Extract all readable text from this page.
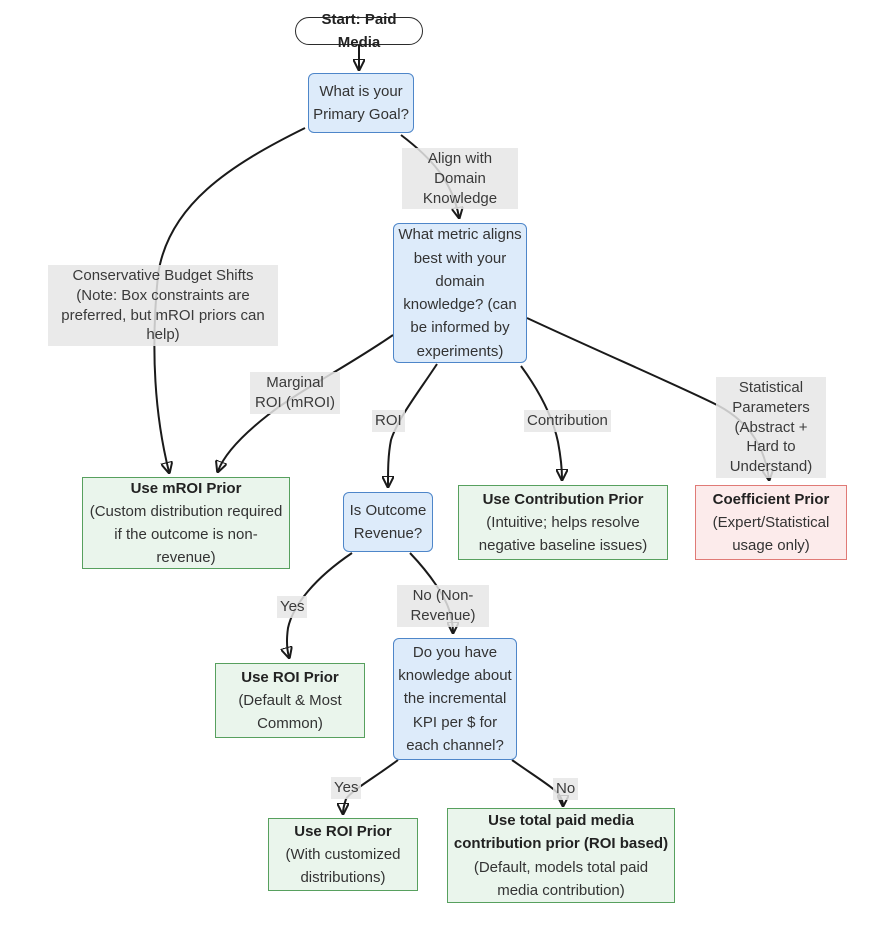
Align with Domain Knowledge
Conservative Budget Shifts (Note: Box constraints are preferred, but mROI priors can help)
Marginal ROI (mROI)
ROI	Contribution
Statistical Parameters (Abstract + Hard to Understand)
Yes
No (Non-Revenue)
Yes	No
Start: Paid Media
What is your Primary Goal?
What metric aligns best with your domain knowledge? (can be informed by experiments)
Use mROI Prior
(Custom distribution required if the outcome is non-revenue)
Is Outcome Revenue?
Use Contribution Prior
(Intuitive; helps resolve negative baseline issues)
Coefficient Prior
(Expert/Statistical usage only)
Use ROI Prior
(Default & Most Common)
Do you have knowledge about the incremental KPI per $ for each channel?
Use ROI Prior
(With customized distributions)
Use total paid media contribution prior (ROI based)
(Default, models total paid media contribution)
